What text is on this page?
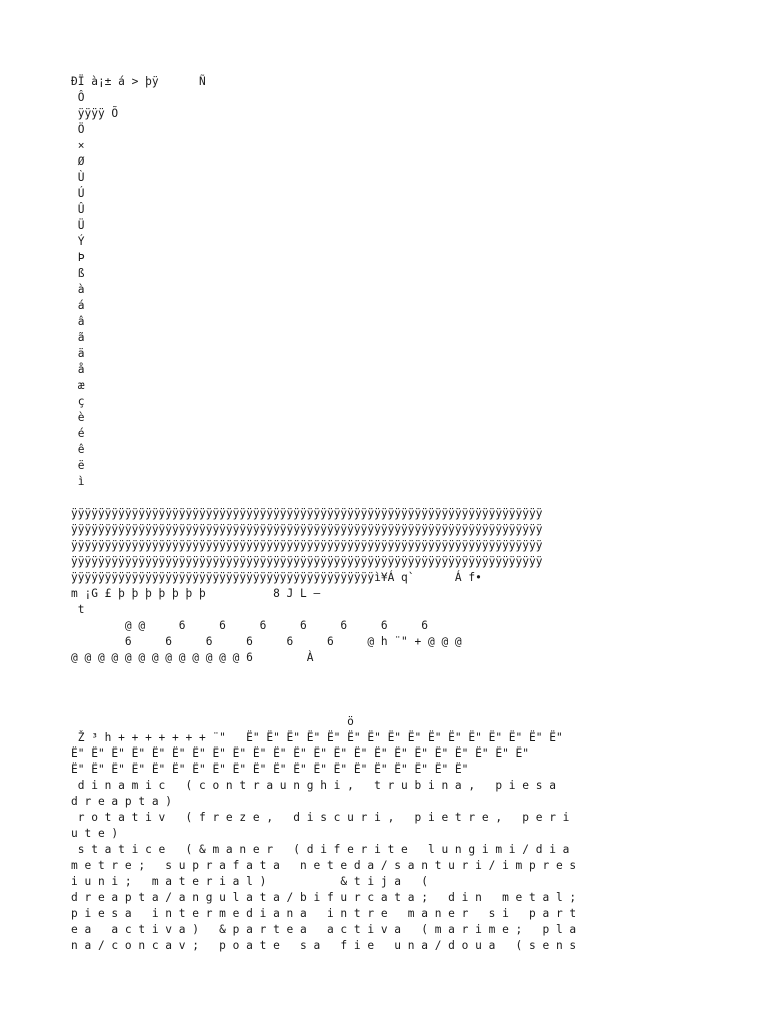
ÐÏ à¡± á > þÿ      Ñ
Ô
ÿÿÿÿ Õ
Ö
×
Ø
Ù
Ú
Û
Ü
Ý
Þ
ß
à
á
â
ã
ä
å
æ
ç
è
é
ê
ë
ì
ÿÿÿÿÿÿÿÿÿÿÿÿÿÿÿÿÿÿÿÿÿÿÿÿÿÿÿÿÿÿÿÿÿÿÿÿÿÿÿÿÿÿÿÿÿÿÿÿÿÿÿÿÿÿÿÿÿÿÿÿÿÿÿÿÿÿÿÿÿÿ
ÿÿÿÿÿÿÿÿÿÿÿÿÿÿÿÿÿÿÿÿÿÿÿÿÿÿÿÿÿÿÿÿÿÿÿÿÿÿÿÿÿÿÿÿÿÿÿÿÿÿÿÿÿÿÿÿÿÿÿÿÿÿÿÿÿÿÿÿÿÿ
ÿÿÿÿÿÿÿÿÿÿÿÿÿÿÿÿÿÿÿÿÿÿÿÿÿÿÿÿÿÿÿÿÿÿÿÿÿÿÿÿÿÿÿÿÿÿÿÿÿÿÿÿÿÿÿÿÿÿÿÿÿÿÿÿÿÿÿÿÿÿ
ÿÿÿÿÿÿÿÿÿÿÿÿÿÿÿÿÿÿÿÿÿÿÿÿÿÿÿÿÿÿÿÿÿÿÿÿÿÿÿÿÿÿÿÿÿÿÿÿÿÿÿÿÿÿÿÿÿÿÿÿÿÿÿÿÿÿÿÿÿÿ
ÿÿÿÿÿÿÿÿÿÿÿÿÿÿÿÿÿÿÿÿÿÿÿÿÿÿÿÿÿÿÿÿÿÿÿÿÿÿÿÿÿÿÿÿÿì¥Á q`      Á f•
m ¡G £ þ þ þ þ þ þ þ          8 J L –
t
@ @     6     6     6     6     6     6     6
6     6     6     6     6     6     @ h ¨" + @ @ @
@ @ @ @ @ @ @ @ @ @ @ @ @ 6        À
ö
Ž ³ h + + + + + + + ¨"   Ë" Ë" Ë" Ë" Ë" Ë" Ë" Ë" Ë" Ë" Ë" Ë" Ë" Ë" Ë" Ë"
Ë" Ë" Ë" Ë" Ë" Ë" Ë" Ë" Ë" Ë" Ë" Ë" Ë" Ë" Ë" Ë" Ë" Ë" Ë" Ë" Ë" Ë" Ë"
Ë" Ë" Ë" Ë" Ë" Ë" Ë" Ë" Ë" Ë" Ë" Ë" Ë" Ë" Ë" Ë" Ë" Ë" Ë" Ë"
d i n a m i c   ( c o n t r a u n g h i ,   t r u b i n a ,   p i e s a
d r e a p t a )
r o t a t i v   ( f r e z e ,   d i s c u r i ,   p i e t r e ,   p e r i
u t e )
s t a t i c e   ( & m a n e r   ( d i f e r i t e   l u n g i m i / d i a
m e t r e ;   s u p r a f a t a   n e t e d a / s a n t u r i / i m p r e s
i u n i ;   m a t e r i a l )           & t i j a   (
d r e a p t a / a n g u l a t a / b i f u r c a t a ;   d i n   m e t a l ;
p i e s a   i n t e r m e d i a n a   i n t r e   m a n e r   s i   p a r t
e a   a c t i v a )   & p a r t e a   a c t i v a   ( m a r i m e ;   p l a
n a / c o n c a v ;   p o a t e   s a   f i e   u n a / d o u a   ( s e n s
